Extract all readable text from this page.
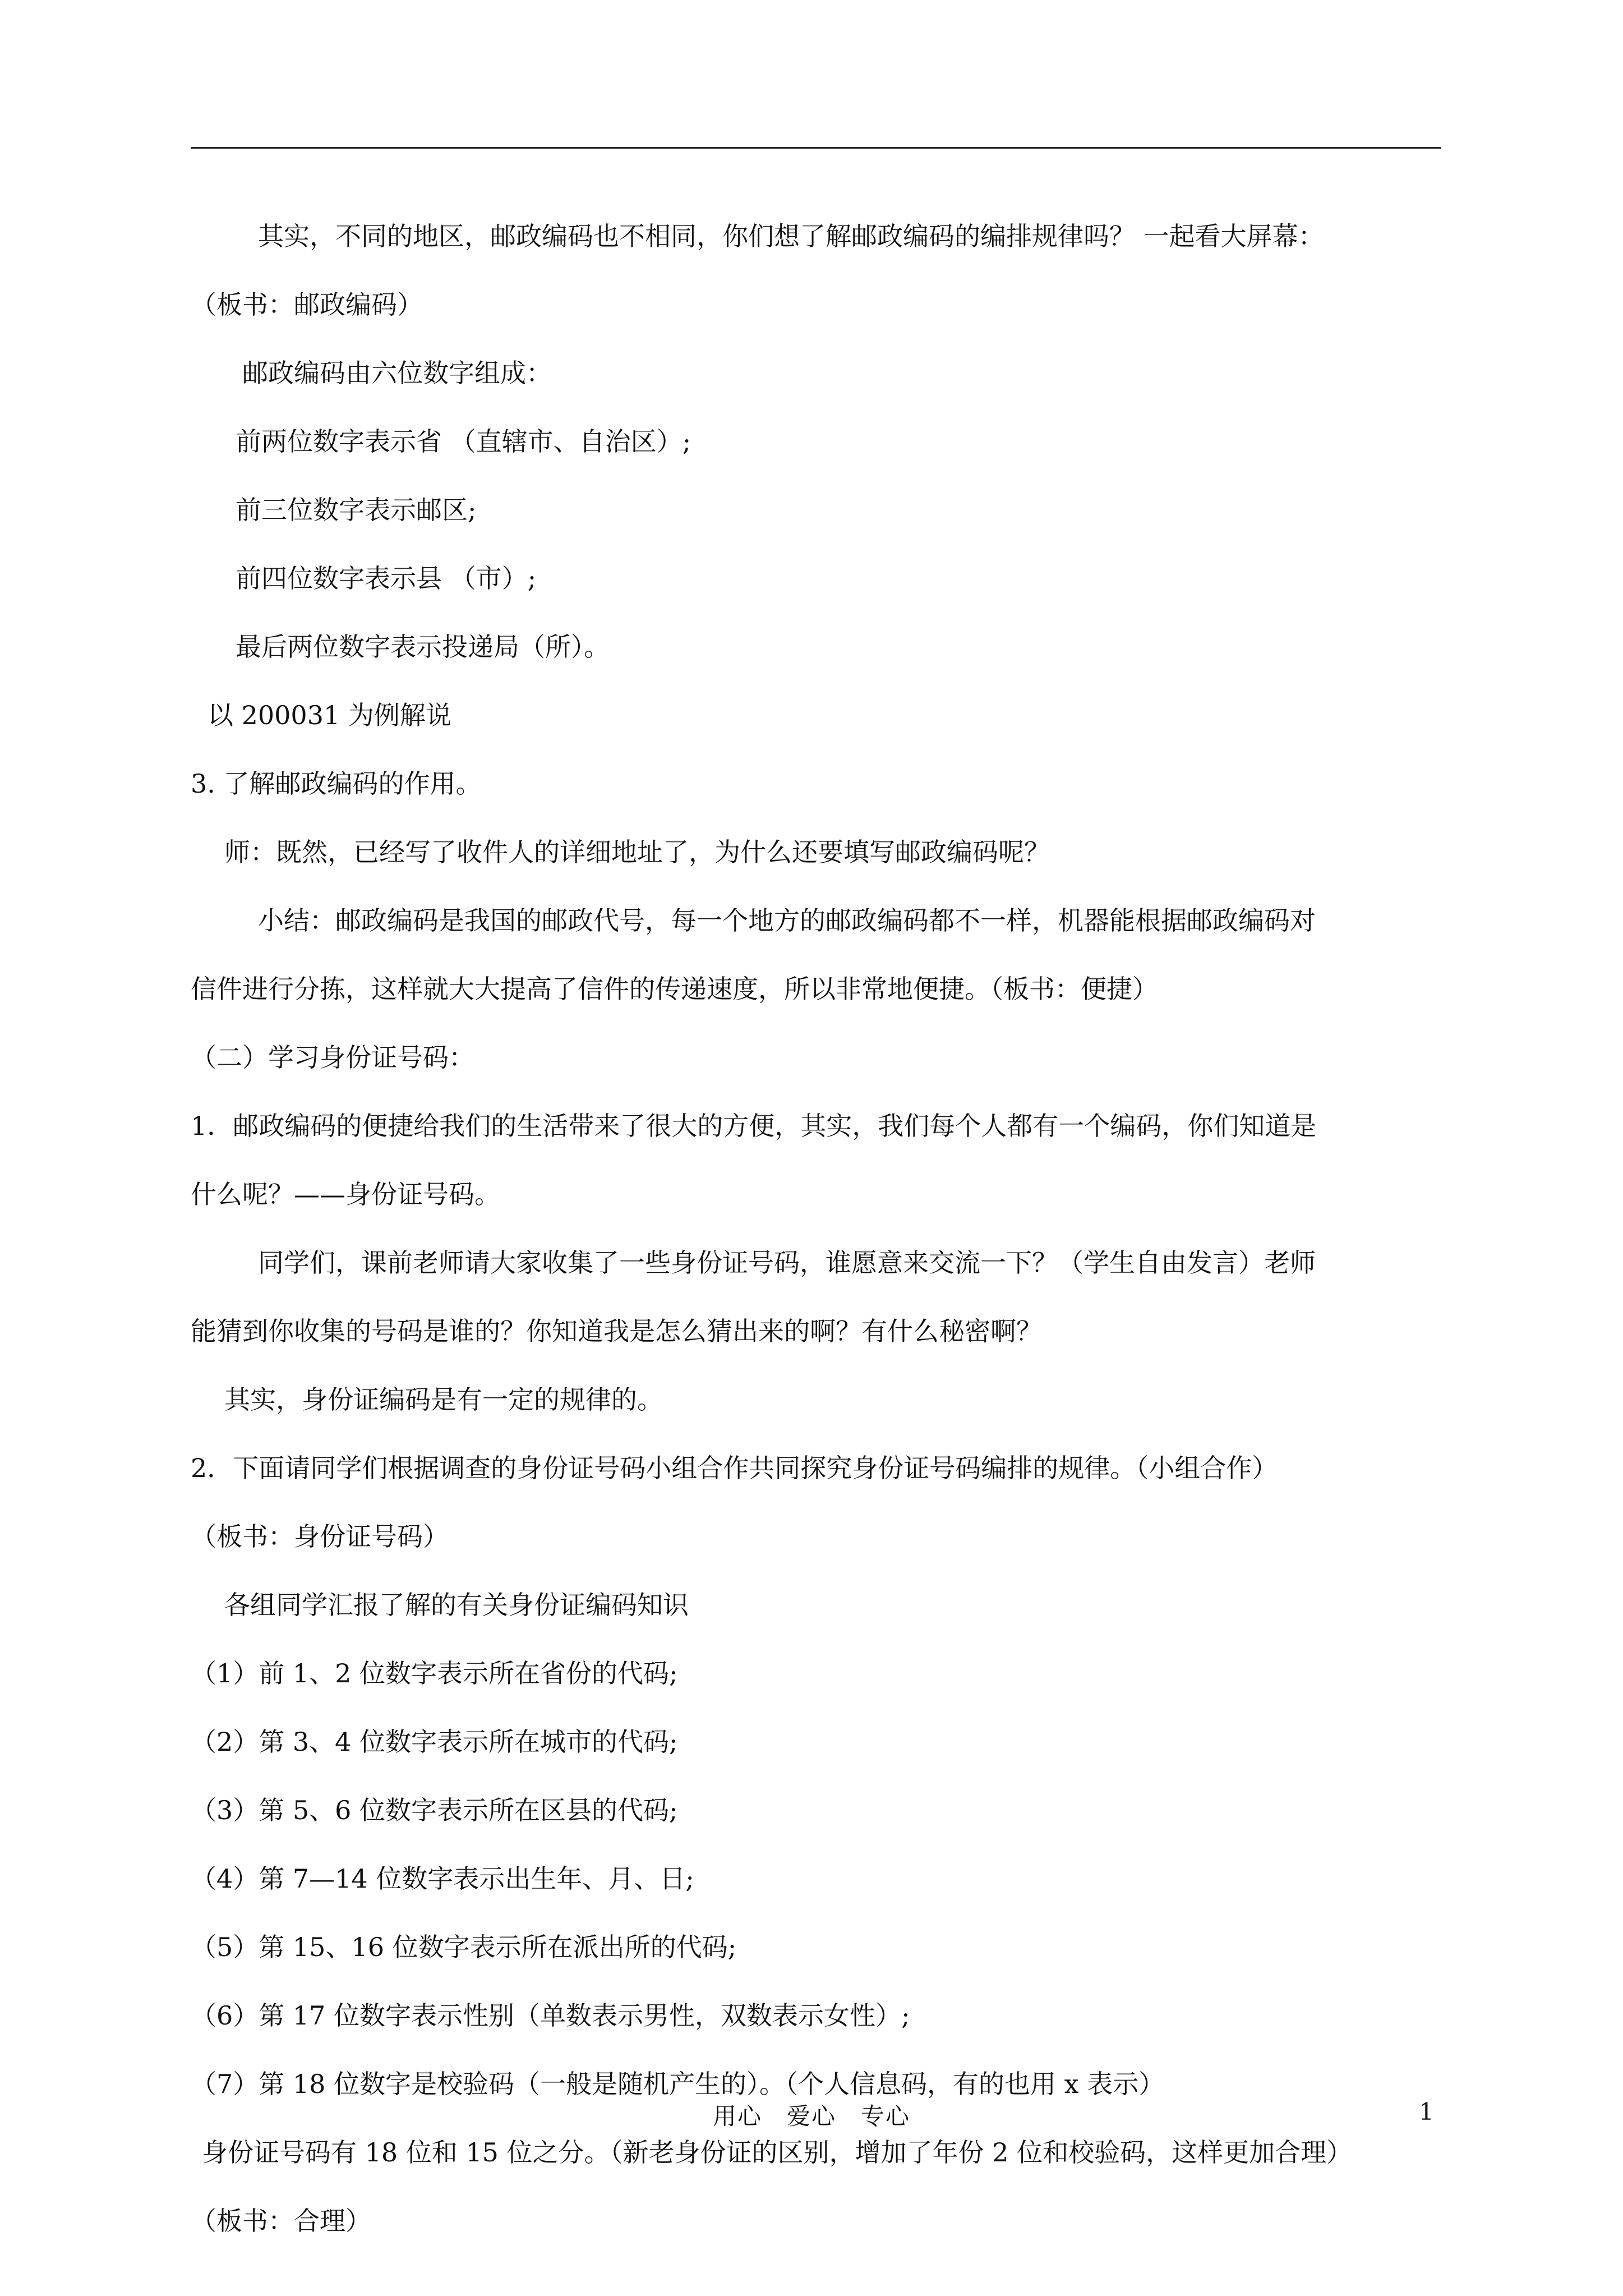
其实，不同的地区，邮政编码也不相同，你们想了解邮政编码的编排规律吗？ 一起看大屏幕：
（板书：邮政编码）
邮政编码由六位数字组成：
前两位数字表示省 （直辖市、自治区）;
前三位数字表示邮区;
前四位数字表示县 （市）;
最后两位数字表示投递局（所）。
以 200031 为例解说
3. 了解邮政编码的作用。
师：既然，已经写了收件人的详细地址了，为什么还要填写邮政编码呢？
小结：邮政编码是我国的邮政代号，每一个地方的邮政编码都不一样，机器能根据邮政编码对
信件进行分拣，这样就大大提高了信件的传递速度，所以非常地便捷。（板书：便捷）
（二）学习身份证号码：
1．邮政编码的便捷给我们的生活带来了很大的方便，其实，我们每个人都有一个编码，你们知道是
什么呢？——身份证号码。
同学们，课前老师请大家收集了一些身份证号码，谁愿意来交流一下？（学生自由发言）老师
能猜到你收集的号码是谁的？你知道我是怎么猜出来的啊？有什么秘密啊？
其实，身份证编码是有一定的规律的。
2．下面请同学们根据调查的身份证号码小组合作共同探究身份证号码编排的规律。（小组合作）
（板书：身份证号码）
各组同学汇报了解的有关身份证编码知识
（1）前 1、2 位数字表示所在省份的代码;
（2）第 3、4 位数字表示所在城市的代码;
（3）第 5、6 位数字表示所在区县的代码;
（4）第 7—14 位数字表示出生年、月、日;
（5）第 15、16 位数字表示所在派出所的代码;
（6）第 17 位数字表示性别（单数表示男性，双数表示女性）;
（7）第 18 位数字是校验码（一般是随机产生的）。（个人信息码，有的也用 x 表示）
身份证号码有 18 位和 15 位之分。（新老身份证的区别，增加了年份 2 位和校验码，这样更加合理）
（板书：合理）
用心　爱心　专心	1
